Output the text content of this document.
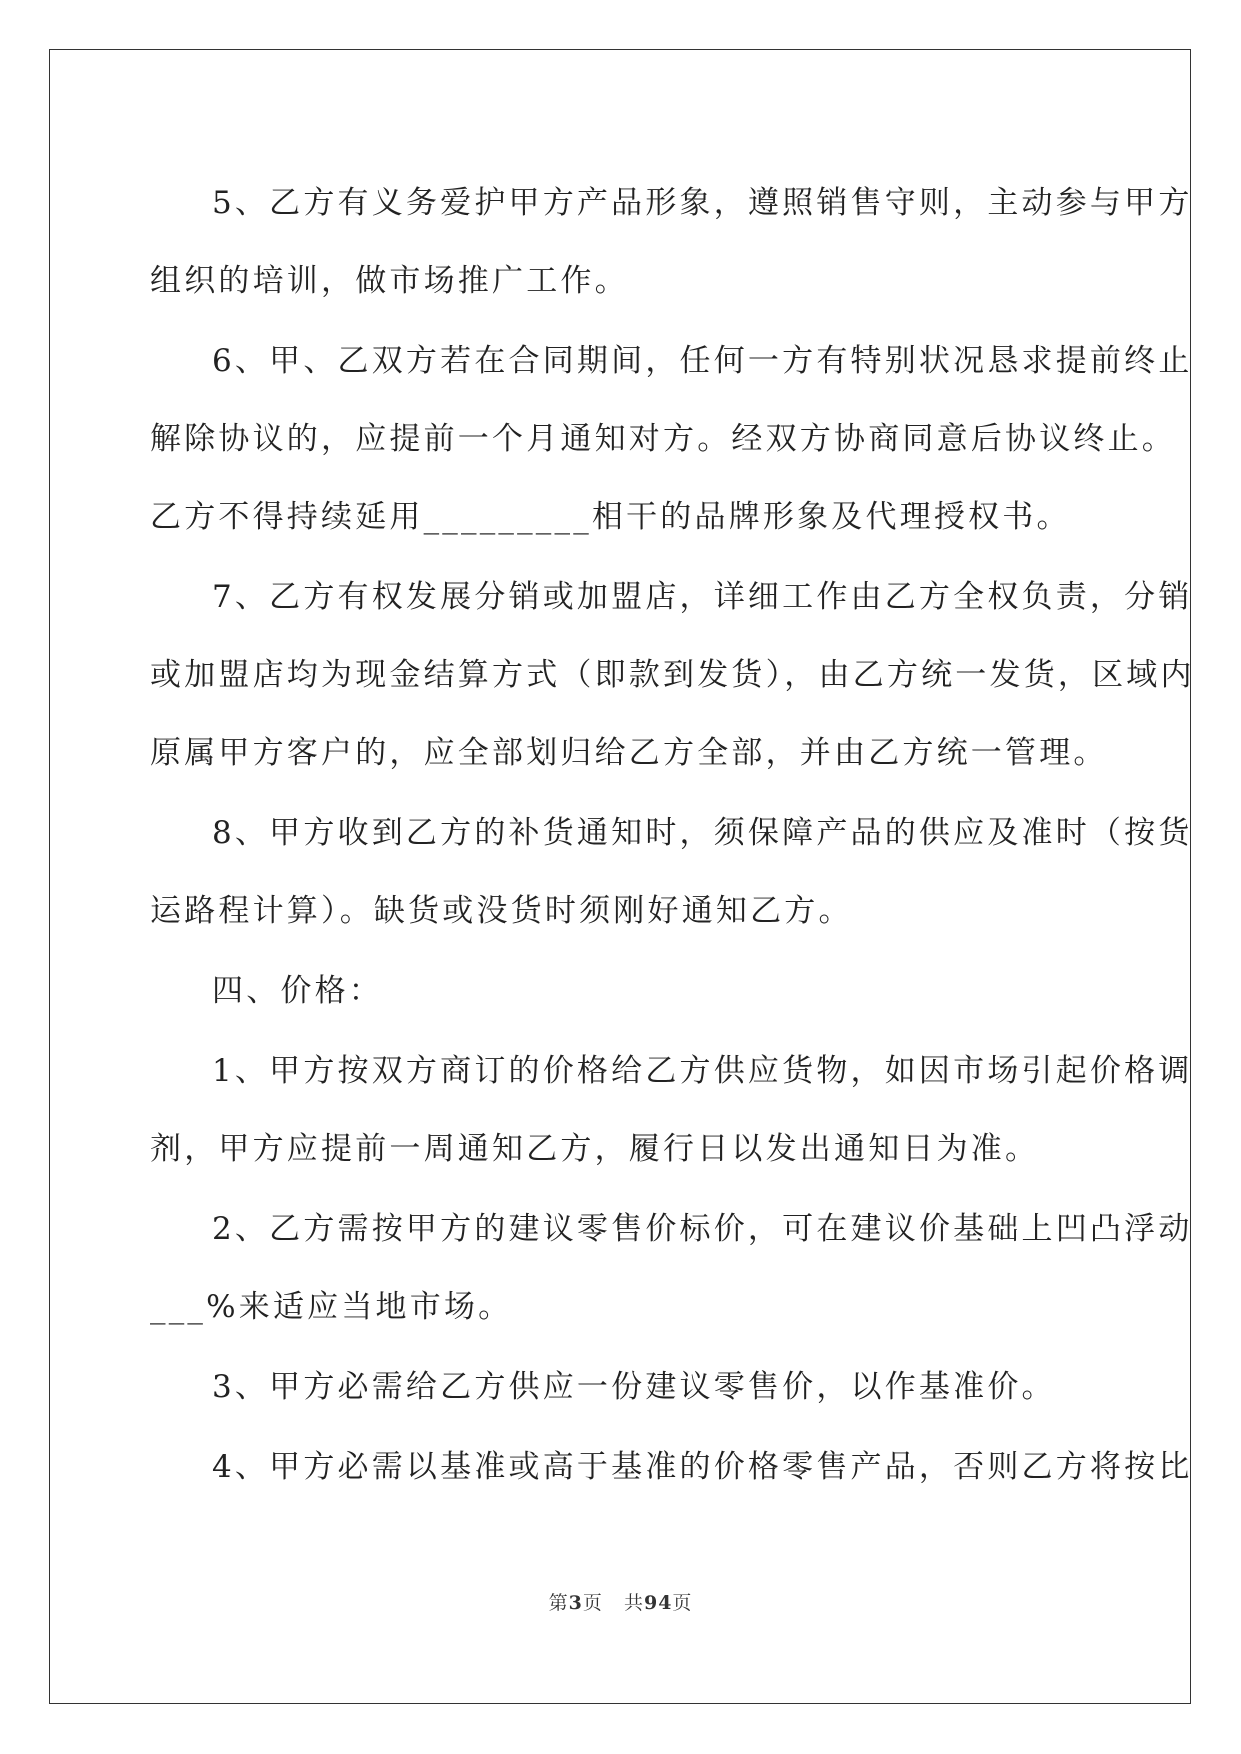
5、乙方有义务爱护甲方产品形象，遵照销售守则，主动参与甲方
组织的培训，做市场推广工作。

6、甲、乙双方若在合同期间，任何一方有特别状况恳求提前终止
解除协议的，应提前一个月通知对方。经双方协商同意后协议终止。
乙方不得持续延用_________相干的品牌形象及代理授权书。

7、乙方有权发展分销或加盟店，详细工作由乙方全权负责，分销
或加盟店均为现金结算方式（即款到发货），由乙方统一发货，区域内
原属甲方客户的，应全部划归给乙方全部，并由乙方统一管理。

8、甲方收到乙方的补货通知时，须保障产品的供应及准时（按货
运路程计算）。缺货或没货时须刚好通知乙方。

四、价格：

1、甲方按双方商订的价格给乙方供应货物，如因市场引起价格调
剂，甲方应提前一周通知乙方，履行日以发出通知日为准。

2、乙方需按甲方的建议零售价标价，可在建议价基础上凹凸浮动
___%来适应当地市场。

3、甲方必需给乙方供应一份建议零售价，以作基准价。

4、甲方必需以基准或高于基准的价格零售产品，否则乙方将按比

第3页 共94页
